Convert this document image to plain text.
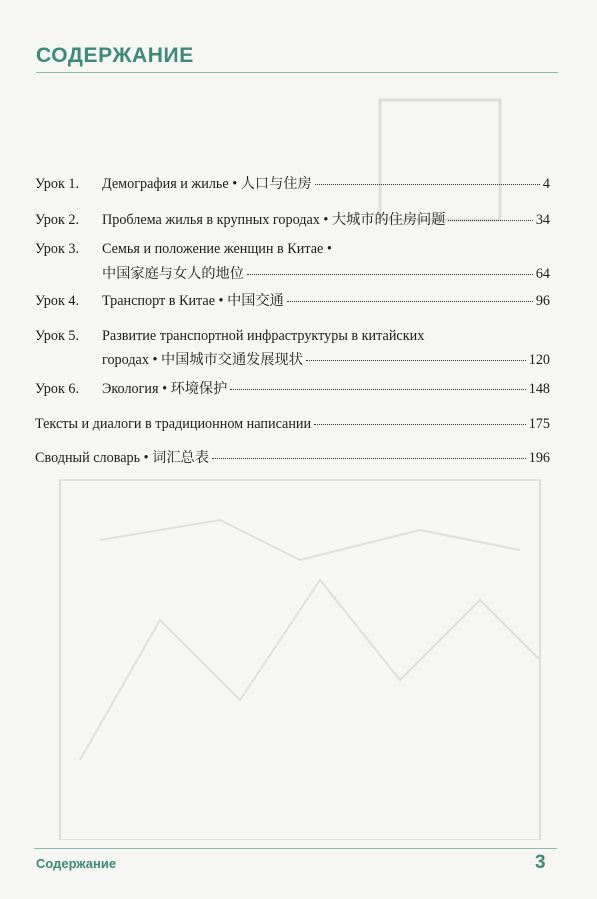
СОДЕРЖАНИЕ
Урок 1.	Демография и жилье • 人口与住房	4
Урок 2.	Проблема жилья в крупных городах • 大城市的住房问题	34
Урок 3.	Семья и положение женщин в Китае •
中国家庭与女人的地位	64
Урок 4.	Транспорт в Китае • 中国交通	96
Урок 5.	Развитие транспортной инфраструктуры в китайских
городах • 中国城市交通发展现状	120
Урок 6.	Экология • 环境保护	148
Тексты и диалоги в традиционном написании	175
Сводный словарь • 词汇总表	196
Содержание	3
